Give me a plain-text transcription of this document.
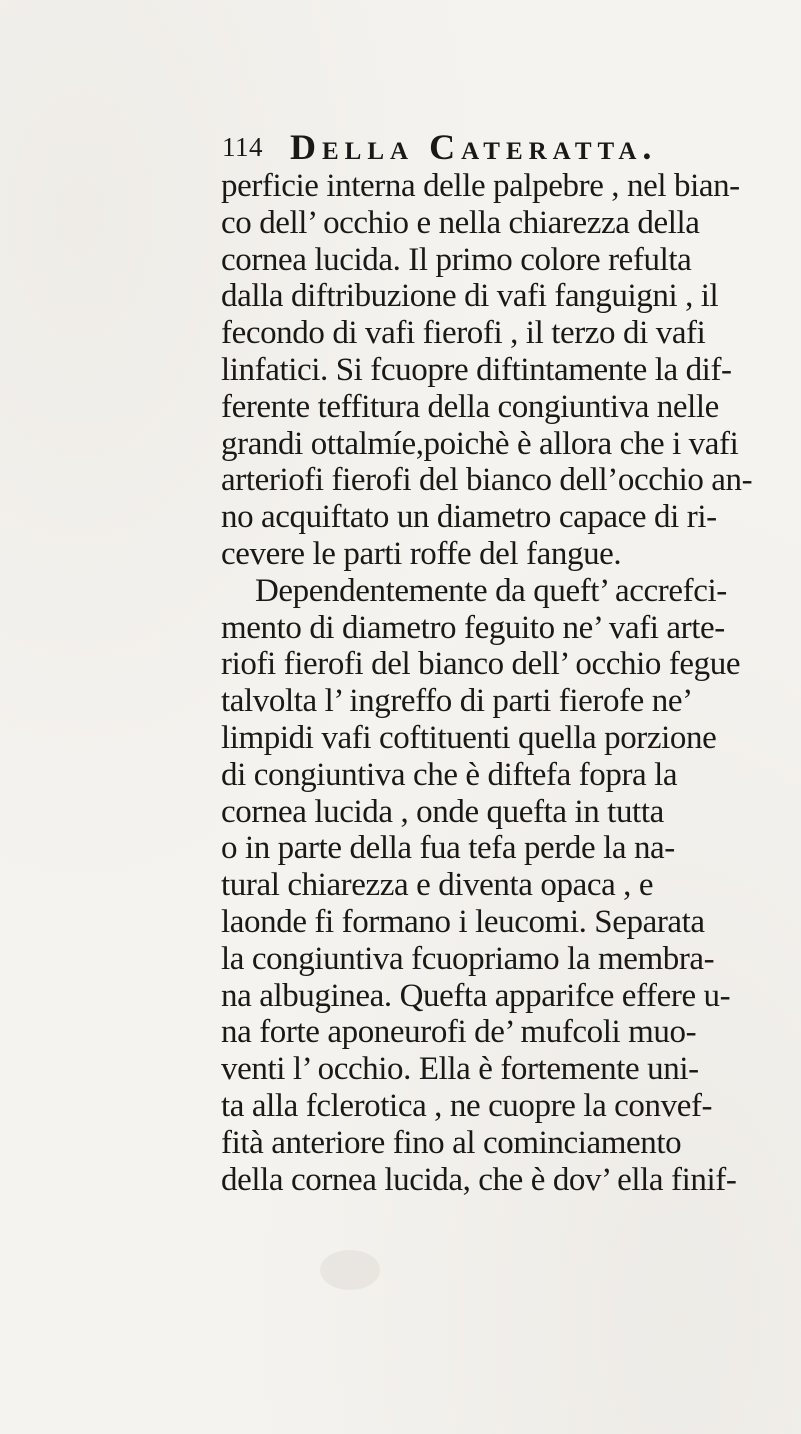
114 Della Cateratta.
perficie interna delle palpebre , nel bian-
co dell’ occhio e nella chiarezza della
cornea lucida. Il primo colore refulta
dalla diftribuzione di vafi fanguigni , il
fecondo di vafi fierofi , il terzo di vafi
linfatici. Si fcuopre diftintamente la dif-
ferente teffitura della congiuntiva nelle
grandi ottalmíe,poichè è allora che i vafi
arteriofi fierofi del bianco dell’occhio an-
no acquiftato un diametro capace di ri-
cevere le parti roffe del fangue.
Dependentemente da queft’ accrefci-
mento di diametro feguito ne’ vafi arte-
riofi fierofi del bianco dell’ occhio fegue
talvolta l’ ingreffo di parti fierofe ne’
limpidi vafi coftituenti quella porzione
di congiuntiva che è diftefa fopra la
cornea lucida , onde quefta in tutta
o in parte della fua tefa perde la na-
tural chiarezza e diventa opaca , e
laonde fi formano i leucomi. Separata
la congiuntiva fcuopriamo la membra-
na albuginea. Quefta apparifce effere u-
na forte aponeurofi de’ mufcoli muo-
venti l’ occhio. Ella è fortemente uni-
ta alla fclerotica , ne cuopre la convef-
fità anteriore fino al cominciamento
della cornea lucida, che è dov’ ella finif-
